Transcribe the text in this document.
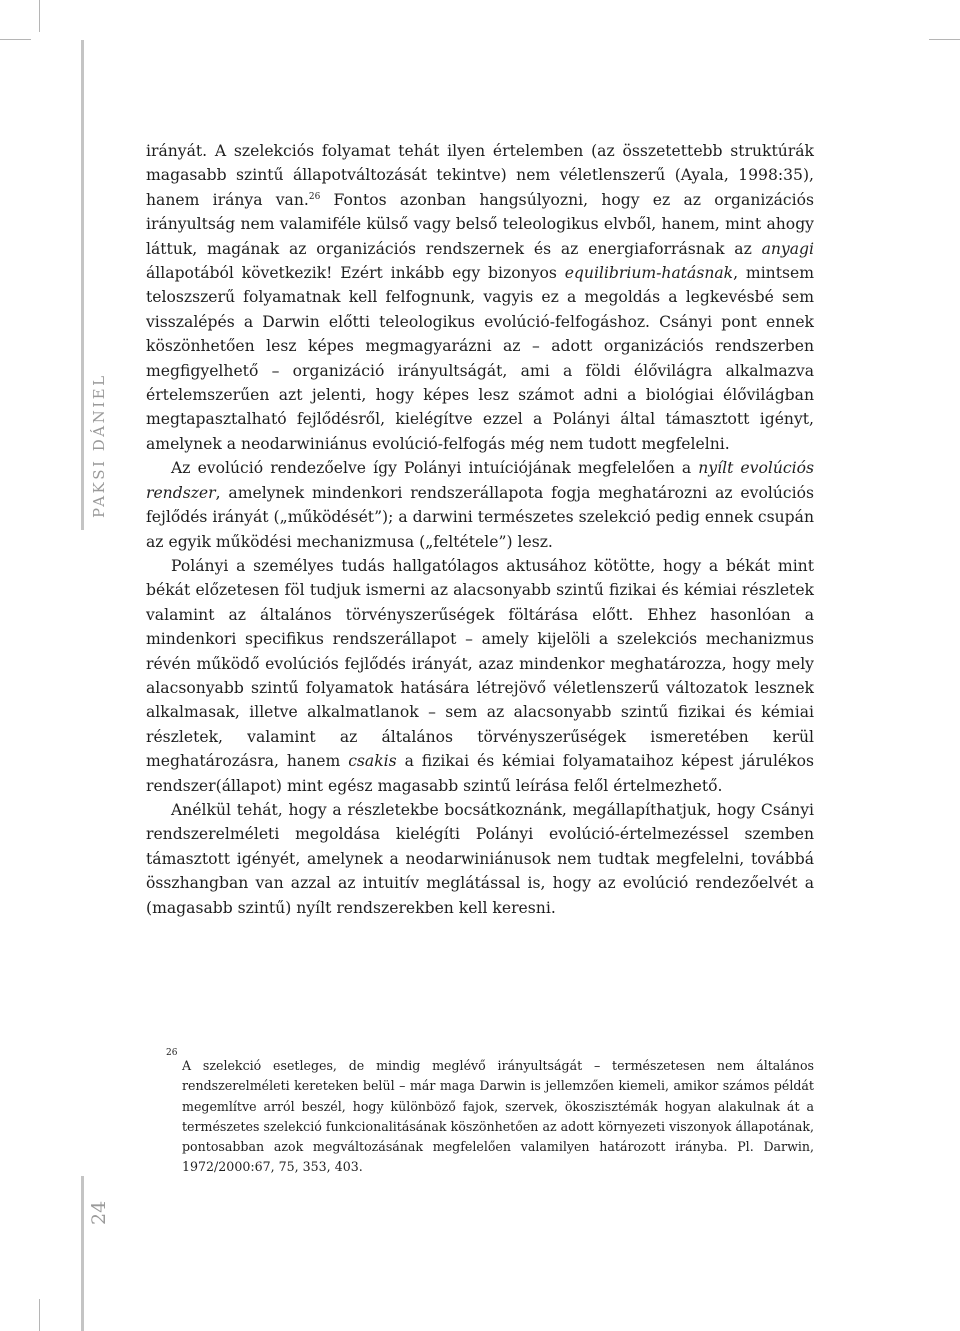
PAKSI DÁNIEL
24

irányát. A szelekciós folyamat tehát ilyen értelemben (az összetettebb struktúrák magasabb szintű állapotváltozását tekintve) nem véletlenszerű (Ayala, 1998:35), hanem iránya van.$^{26}$ Fontos azonban hangsúlyozni, hogy ez az organizációs irányultság nem valamiféle külső vagy belső teleologikus elvből, hanem, mint ahogy láttuk, magának az organizációs rendszernek és az energiaforrásnak az anyagi állapotából következik! Ezért inkább egy bizonyos equilibrium-hatásnak, mintsem teloszszerű folyamatnak kell felfognunk, vagyis ez a megoldás a legkevésbé sem visszalépés a Darwin előtti teleologikus evolúció-felfogáshoz. Csányi pont ennek köszönhetően lesz képes megmagyarázni az – adott organizációs rendszerben megfigyelhető – organizáció irányultságát, ami a földi élővilágra alkalmazva értelemszerűen azt jelenti, hogy képes lesz számot adni a biológiai élővilágban megtapasztalható fejlődésről, kielégítve ezzel a Polányi által támasztott igényt, amelynek a neodarwiniánus evolúció-felfogás még nem tudott megfelelni.

Az evolúció rendezőelve így Polányi intuíciójának megfelelően a nyílt evolúciós rendszer, amelynek mindenkori rendszerállapota fogja meghatározni az evolúciós fejlődés irányát („működését”); a darwini természetes szelekció pedig ennek csupán az egyik működési mechanizmusa („feltétele”) lesz.

Polányi a személyes tudás hallgatólagos aktusához kötötte, hogy a békát mint békát előzetesen föl tudjuk ismerni az alacsonyabb szintű fizikai és kémiai részletek valamint az általános törvényszerűségek föltárása előtt. Ehhez hasonlóan a mindenkori specifikus rendszerállapot – amely kijelöli a szelekciós mechanizmus révén működő evolúciós fejlődés irányát, azaz mindenkor meghatározza, hogy mely alacsonyabb szintű folyamatok hatására létrejövő véletlenszerű változatok lesznek alkalmasak, illetve alkalmatlanok – sem az alacsonyabb szintű fizikai és kémiai részletek, valamint az általános törvényszerűségek ismeretében kerül meghatározásra, hanem csakis a fizikai és kémiai folyamataihoz képest járulékos rendszer(állapot) mint egész magasabb szintű leírása felől értelmezhető.

Anélkül tehát, hogy a részletekbe bocsátkoznánk, megállapíthatjuk, hogy Csányi rendszerelméleti megoldása kielégíti Polányi evolúció-értelmezéssel szemben támasztott igényét, amelynek a neodarwiniánusok nem tudtak megfelelni, továbbá összhangban van azzal az intuitív meglátással is, hogy az evolúció rendezőelvét a (magasabb szintű) nyílt rendszerekben kell keresni.

26

A szelekció esetleges, de mindig meglévő irányultságát – természetesen nem általános rendszerelméleti kereteken belül – már maga Darwin is jellemzően kiemeli, amikor számos példát megemlítve arról beszél, hogy különböző fajok, szervek, ökoszisztémák hogyan alakulnak át a természetes szelekció funkcionalitásának köszönhetően az adott környezeti viszonyok állapotának, pontosabban azok megváltozásának megfelelően valamilyen határozott irányba. Pl. Darwin, 1972/2000:67, 75, 353, 403.
